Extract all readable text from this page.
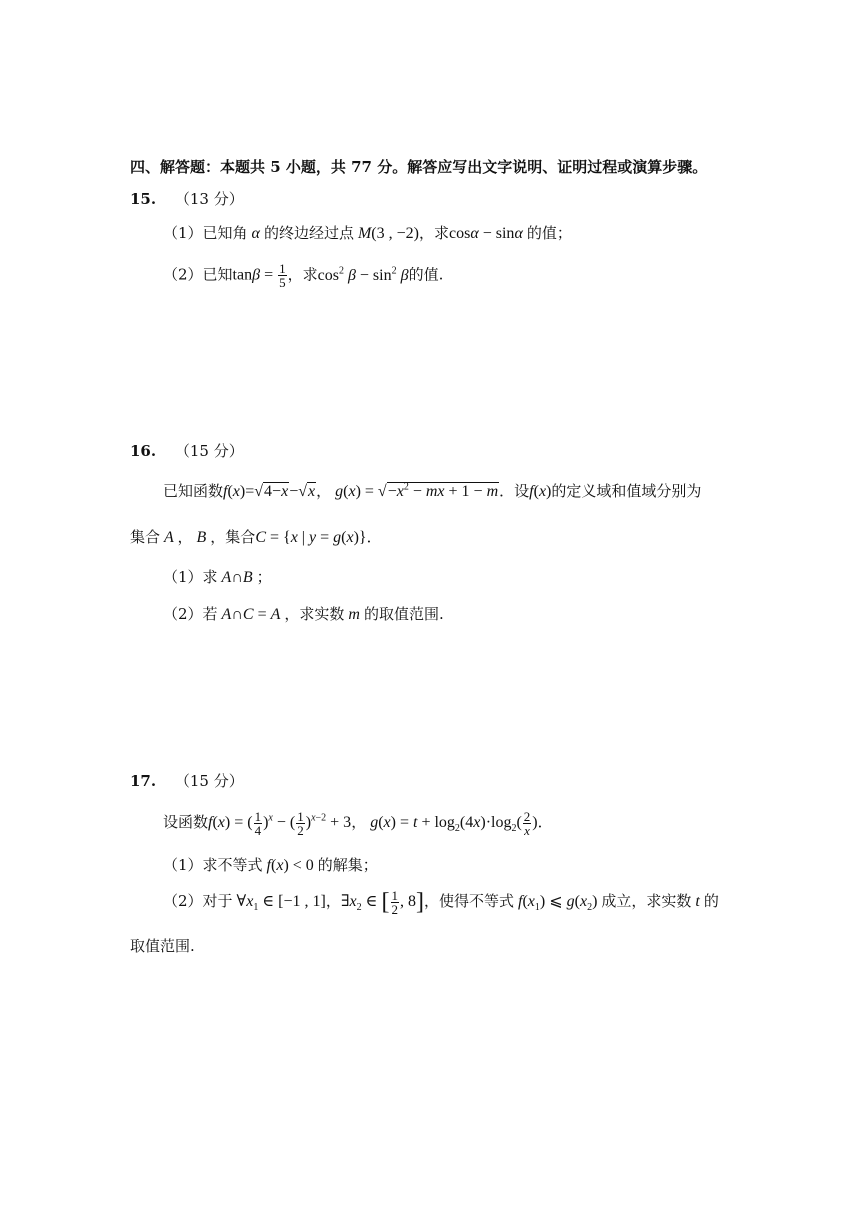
四、解答题：本题共 5 小题，共 77 分。解答应写出文字说明、证明过程或演算步骤。
15. （13 分）
（1）已知角 α 的终边经过点 M(3 , −2)，求cosα − sinα 的值；
（2）已知$\tan\beta = \frac{1}{5}$ ，求$\cos^2 \beta - \sin^2 \beta$的值.
16. （15 分）
已知函数f(x)=√4−x−√x， $g(x) = √-x^2$ − mx + 1 − m．设f(x)的定义域和值域分别为
集合 A ， B ，集合C = {x | y = g(x)}．
（1）求 A∩B ；
（2）若 A∩C = A ，求实数 m 的取值范围.
17. （15 分）
设函数f(x) = ( $\frac{1}{4} )^x$ − ( $\frac{1}{2} )^{x-2} + 3$， $g(x) = t + \log_2(4x)\cdot\log_2( \frac{2}{x}$ )．
（1）求不等式 f(x) < 0 的解集；
（2）对于 $\forall x_1$ ∈ [−1 , 1]，$\exists x_2$ ∈ [ $\frac{1}{2}$ , 8]，使得不等式 $f(x_1)$ ⩽ $g(x_2)$ 成立，求实数 t 的
取值范围.
